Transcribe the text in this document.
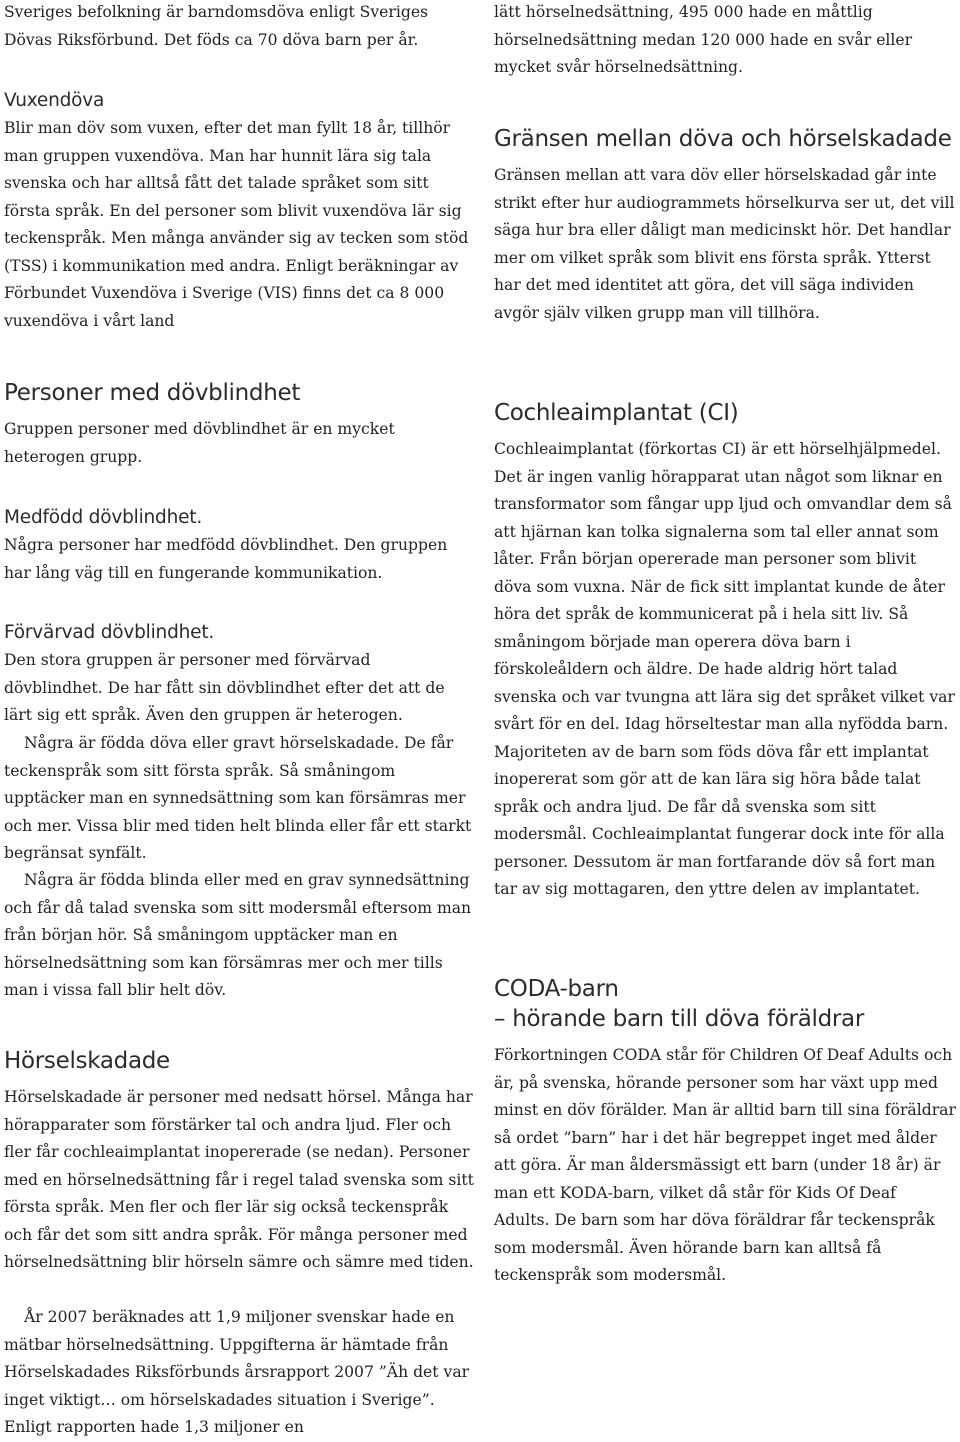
Sveriges befolkning är barndomsdöva enligt Sveriges Dövas Riksförbund. Det föds ca 70 döva barn per år.

Vuxendöva

Blir man döv som vuxen, efter det man fyllt 18 år, tillhör man gruppen vuxendöva. Man har hunnit lära sig tala svenska och har alltså fått det talade språket som sitt första språk. En del personer som blivit vuxendöva lär sig teckenspråk. Men många använder sig av tecken som stöd (TSS) i kommunikation med andra. Enligt beräkningar av Förbundet Vuxendöva i Sverige (VIS) finns det ca 8 000 vuxendöva i vårt land

Personer med dövblindhet

Gruppen personer med dövblindhet är en mycket heterogen grupp.

Medfödd dövblindhet.

Några personer har medfödd dövblindhet. Den gruppen har lång väg till en fungerande kommunikation.

Förvärvad dövblindhet.

Den stora gruppen är personer med förvärvad dövblindhet. De har fått sin dövblindhet efter det att de lärt sig ett språk. Även den gruppen är heterogen.

Några är födda döva eller gravt hörselskadade. De får teckenspråk som sitt första språk. Så småningom upptäcker man en synnedsättning som kan försämras mer och mer. Vissa blir med tiden helt blinda eller får ett starkt begränsat synfält.

Några är födda blinda eller med en grav synnedsättning och får då talad svenska som sitt modersmål eftersom man från början hör. Så småningom upptäcker man en hörselnedsättning som kan försämras mer och mer tills man i vissa fall blir helt döv.

Hörselskadade

Hörselskadade är personer med nedsatt hörsel. Många har hörapparater som förstärker tal och andra ljud. Fler och fler får cochleaimplantat inopererade (se nedan). Personer med en hörselnedsättning får i regel talad svenska som sitt första språk. Men fler och fler lär sig också teckenspråk och får det som sitt andra språk. För många personer med hörselnedsättning blir hörseln sämre och sämre med tiden.

År 2007 beräknades att 1,9 miljoner svenskar hade en mätbar hörselnedsättning. Uppgifterna är hämtade från Hörselskadades Riksförbunds årsrapport 2007 ”Äh det var inget viktigt… om hörselskadades situation i Sverige”. Enligt rapporten hade 1,3 miljoner en

lätt hörselnedsättning, 495 000 hade en måttlig hörselnedsättning medan 120 000 hade en svår eller mycket svår hörselnedsättning.

Gränsen mellan döva och hörselskadade

Gränsen mellan att vara döv eller hörselskadad går inte strikt efter hur audiogrammets hörselkurva ser ut, det vill säga hur bra eller dåligt man medicinskt hör. Det handlar mer om vilket språk som blivit ens första språk. Ytterst har det med identitet att göra, det vill säga individen avgör själv vilken grupp man vill tillhöra.

Cochleaimplantat (CI)

Cochleaimplantat (förkortas CI) är ett hörselhjälpmedel. Det är ingen vanlig hörapparat utan något som liknar en transformator som fångar upp ljud och omvandlar dem så att hjärnan kan tolka signalerna som tal eller annat som låter. Från början opererade man personer som blivit döva som vuxna. När de fick sitt implantat kunde de åter höra det språk de kommunicerat på i hela sitt liv. Så småningom började man operera döva barn i förskoleåldern och äldre. De hade aldrig hört talad svenska och var tvungna att lära sig det språket vilket var svårt för en del. Idag hörseltestar man alla nyfödda barn. Majoriteten av de barn som föds döva får ett implantat inopererat som gör att de kan lära sig höra både talat språk och andra ljud. De får då svenska som sitt modersmål. Cochleaimplantat fungerar dock inte för alla personer. Dessutom är man fortfarande döv så fort man tar av sig mottagaren, den yttre delen av implantatet.

CODA-barn
– hörande barn till döva föräldrar

Förkortningen CODA står för Children Of Deaf Adults och är, på svenska, hörande personer som har växt upp med minst en döv förälder. Man är alltid barn till sina föräldrar så ordet ”barn” har i det här begreppet inget med ålder att göra. Är man åldersmässigt ett barn (under 18 år) är man ett KODA-barn, vilket då står för Kids Of Deaf Adults. De barn som har döva föräldrar får teckenspråk som modersmål. Även hörande barn kan alltså få teckenspråk som modersmål.
